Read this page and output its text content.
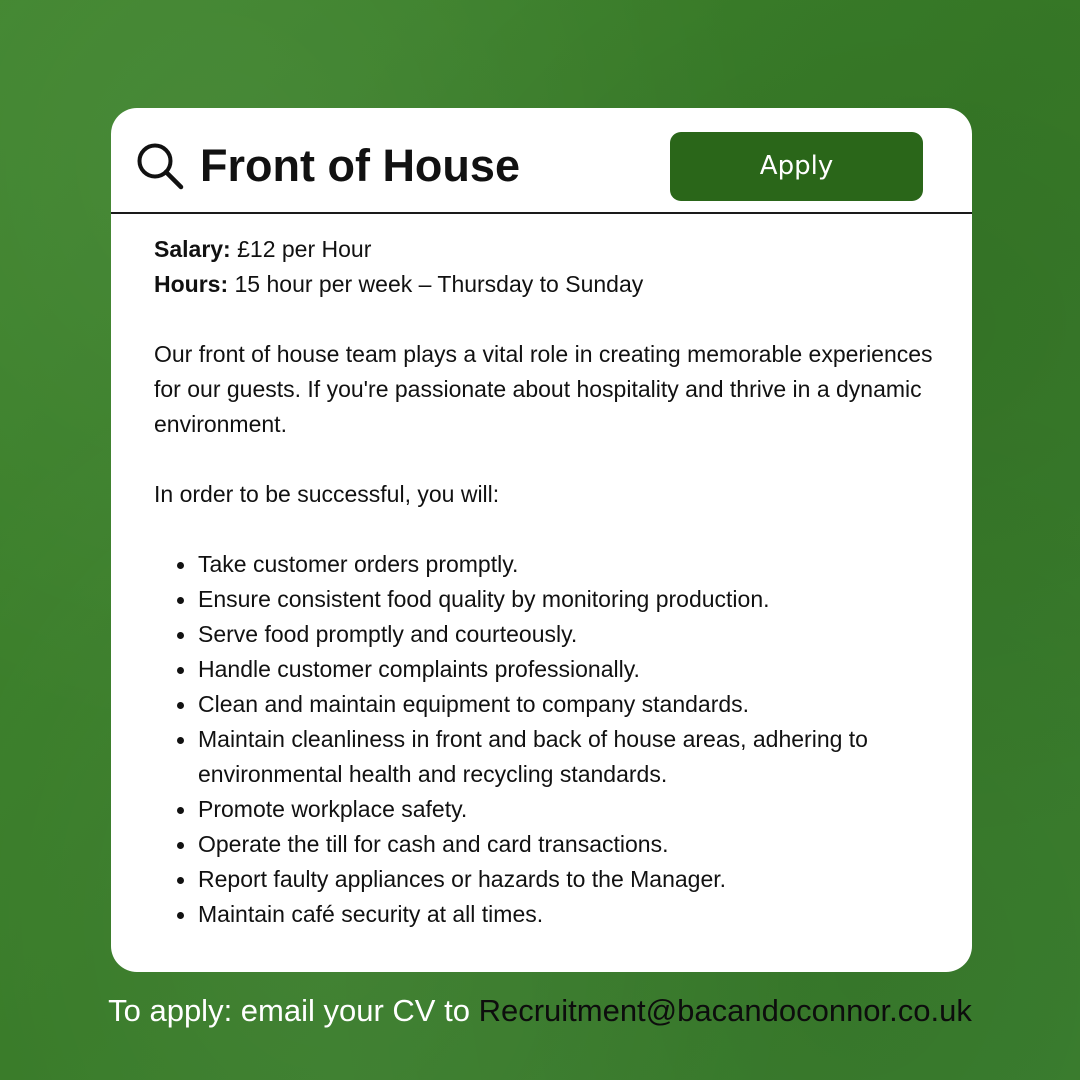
Front of House	Apply

Salary: £12 per Hour

Hours: 15 hour per week – Thursday to Sunday

Our front of house team plays a vital role in creating memorable experiences for our guests. If you're passionate about hospitality and thrive in a dynamic environment.

In order to be successful, you will:

Take customer orders promptly.
Ensure consistent food quality by monitoring production.
Serve food promptly and courteously.
Handle customer complaints professionally.
Clean and maintain equipment to company standards.
Maintain cleanliness in front and back of house areas, adhering to environmental health and recycling standards.
Promote workplace safety.
Operate the till for cash and card transactions.
Report faulty appliances or hazards to the Manager.
Maintain café security at all times.
To apply: email your CV to Recruitment@bacandoconnor.co.uk
